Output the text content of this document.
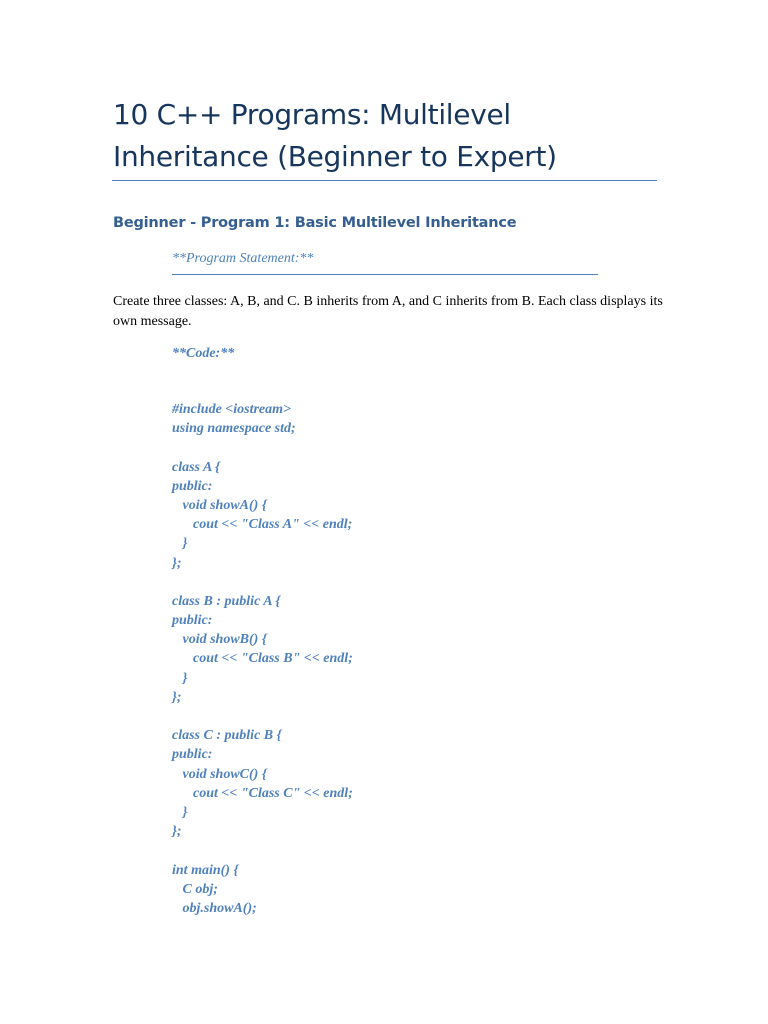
10 C++ Programs: Multilevel
Inheritance (Beginner to Expert)
Beginner - Program 1: Basic Multilevel Inheritance

**Program Statement:**

Create three classes: A, B, and C. B inherits from A, and C inherits from B. Each class displays its own message.

**Code:**

#include <iostream>
using namespace std;
class A {
public:
void showA() {
cout << "Class A" << endl;
}
};
class B : public A {
public:
void showB() {
cout << "Class B" << endl;
}
};
class C : public B {
public:
void showC() {
cout << "Class C" << endl;
}
};
int main() {
C obj;
obj.showA();
